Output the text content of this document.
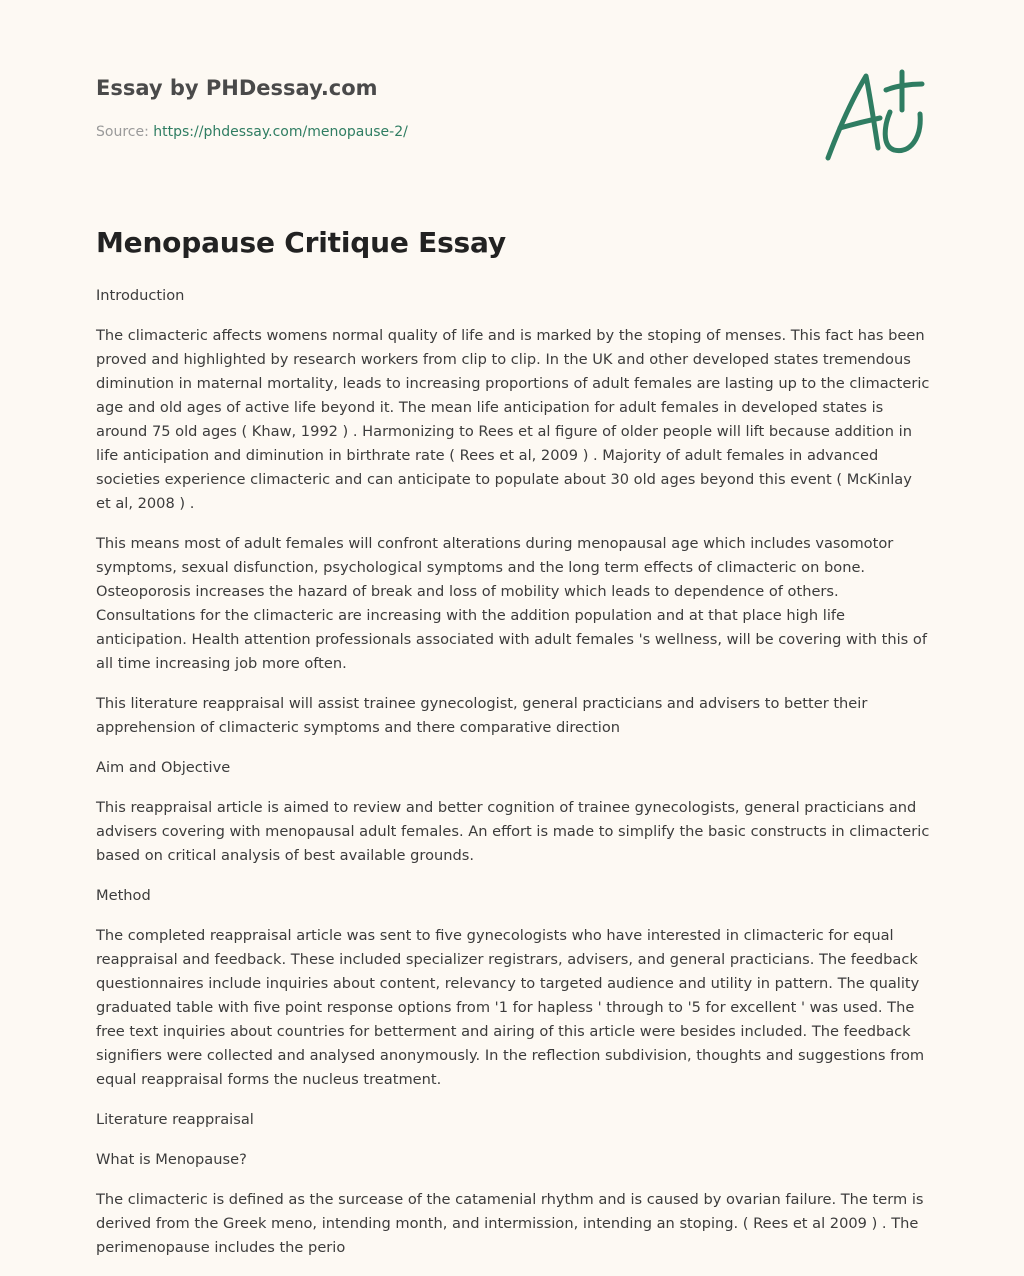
Essay by PHDessay.com
Source: https://phdessay.com/menopause-2/
Menopause Critique Essay

Introduction

The climacteric affects womens normal quality of life and is marked by the stoping of menses. This fact has been proved and highlighted by research workers from clip to clip. In the UK and other developed states tremendous diminution in maternal mortality, leads to increasing proportions of adult females are lasting up to the climacteric age and old ages of active life beyond it. The mean life anticipation for adult females in developed states is around 75 old ages ( Khaw, 1992 ) . Harmonizing to Rees et al figure of older people will lift because addition in life anticipation and diminution in birthrate rate ( Rees et al, 2009 ) . Majority of adult females in advanced societies experience climacteric and can anticipate to populate about 30 old ages beyond this event ( McKinlay et al, 2008 ) .

This means most of adult females will confront alterations during menopausal age which includes vasomotor symptoms, sexual disfunction, psychological symptoms and the long term effects of climacteric on bone. Osteoporosis increases the hazard of break and loss of mobility which leads to dependence of others. Consultations for the climacteric are increasing with the addition population and at that place high life anticipation. Health attention professionals associated with adult females 's wellness, will be covering with this of all time increasing job more often.

This literature reappraisal will assist trainee gynecologist, general practicians and advisers to better their apprehension of climacteric symptoms and there comparative direction

Aim and Objective

This reappraisal article is aimed to review and better cognition of trainee gynecologists, general practicians and advisers covering with menopausal adult females. An effort is made to simplify the basic constructs in climacteric based on critical analysis of best available grounds.

Method

The completed reappraisal article was sent to five gynecologists who have interested in climacteric for equal reappraisal and feedback. These included specializer registrars, advisers, and general practicians. The feedback questionnaires include inquiries about content, relevancy to targeted audience and utility in pattern. The quality graduated table with five point response options from '1 for hapless ' through to '5 for excellent ' was used. The free text inquiries about countries for betterment and airing of this article were besides included. The feedback signifiers were collected and analysed anonymously. In the reflection subdivision, thoughts and suggestions from equal reappraisal forms the nucleus treatment.

Literature reappraisal

What is Menopause?

The climacteric is defined as the surcease of the catamenial rhythm and is caused by ovarian failure. The term is derived from the Greek meno, intending month, and intermission, intending an stoping. ( Rees et al 2009 ) . The perimenopause includes the perio
